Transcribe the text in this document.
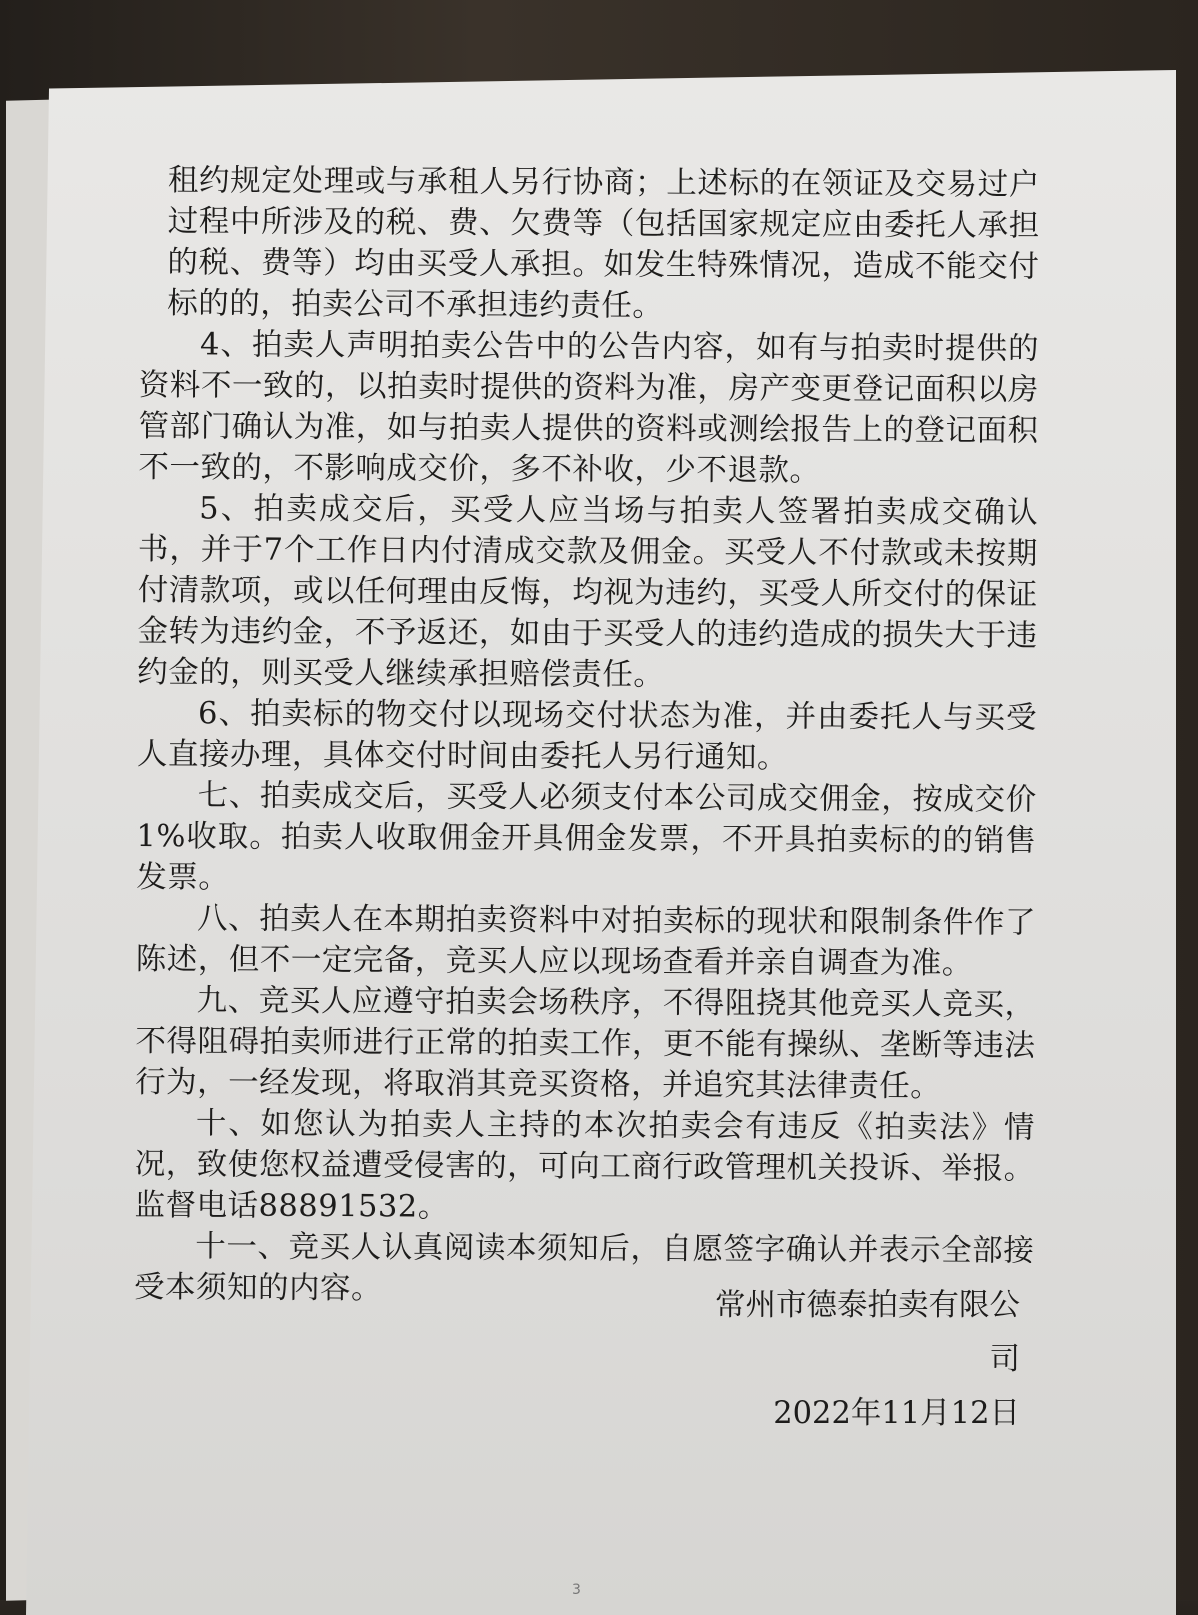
租约规定处理或与承租人另行协商；上述标的在领证及交易过户过程中所涉及的税、费、欠费等（包括国家规定应由委托人承担的税、费等）均由买受人承担。如发生特殊情况，造成不能交付标的的，拍卖公司不承担违约责任。

4、拍卖人声明拍卖公告中的公告内容，如有与拍卖时提供的资料不一致的，以拍卖时提供的资料为准，房产变更登记面积以房管部门确认为准，如与拍卖人提供的资料或测绘报告上的登记面积不一致的，不影响成交价，多不补收，少不退款。

5、拍卖成交后，买受人应当场与拍卖人签署拍卖成交确认书，并于7个工作日内付清成交款及佣金。买受人不付款或未按期付清款项，或以任何理由反悔，均视为违约，买受人所交付的保证金转为违约金，不予返还，如由于买受人的违约造成的损失大于违约金的，则买受人继续承担赔偿责任。

6、拍卖标的物交付以现场交付状态为准，并由委托人与买受人直接办理，具体交付时间由委托人另行通知。

七、拍卖成交后，买受人必须支付本公司成交佣金，按成交价1%收取。拍卖人收取佣金开具佣金发票，不开具拍卖标的的销售发票。

八、拍卖人在本期拍卖资料中对拍卖标的现状和限制条件作了陈述，但不一定完备，竞买人应以现场查看并亲自调查为准。

九、竞买人应遵守拍卖会场秩序，不得阻挠其他竞买人竞买，不得阻碍拍卖师进行正常的拍卖工作，更不能有操纵、垄断等违法行为，一经发现，将取消其竞买资格，并追究其法律责任。

十、如您认为拍卖人主持的本次拍卖会有违反《拍卖法》情况，致使您权益遭受侵害的，可向工商行政管理机关投诉、举报。监督电话88891532。

十一、竞买人认真阅读本须知后，自愿签字确认并表示全部接受本须知的内容。	常州市德泰拍卖有限公司
2022年11月12日
3
